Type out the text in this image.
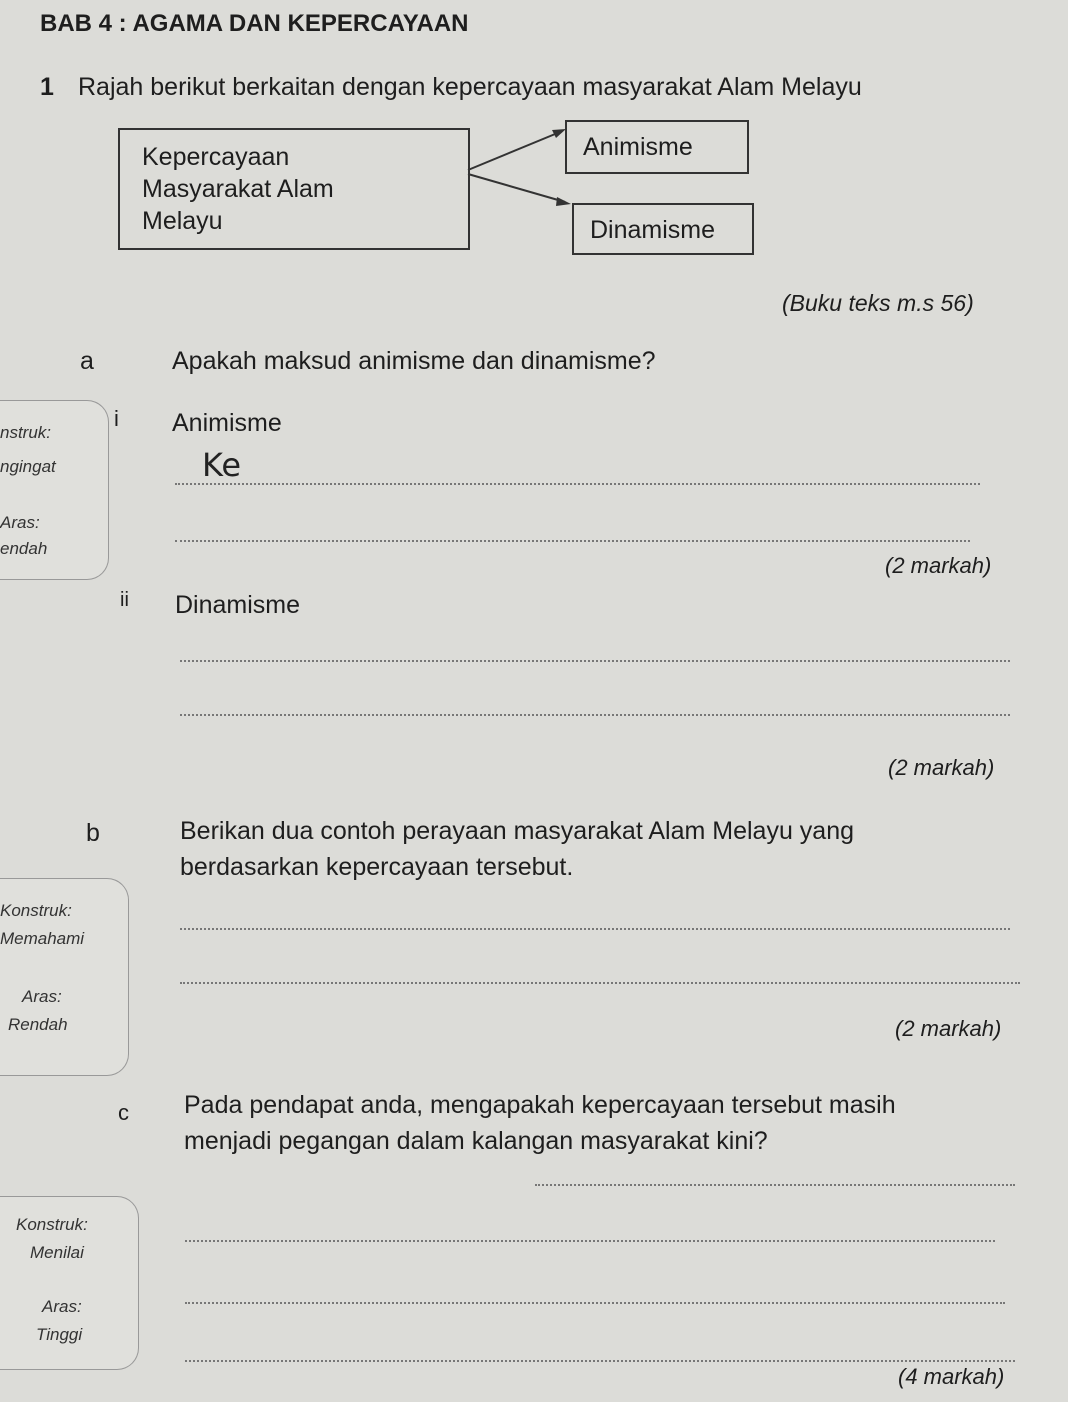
BAB 4 : AGAMA DAN KEPERCAYAAN
1 Rajah berikut berkaitan dengan kepercayaan masyarakat Alam Melayu
Kepercayaan
Masyarakat Alam
Melayu
Animisme
Dinamisme
(Buku teks m.s 56)
a	Apakah maksud animisme dan dinamisme?
nstruk:
ngingat
Aras:
endah
i Animisme
Ke
(2 markah)
ii Dinamisme
(2 markah)
b	Berikan dua contoh perayaan masyarakat Alam Melayu yang
berdasarkan kepercayaan tersebut.
Konstruk:
Memahami
Aras:
Rendah	(2 markah)
c Pada pendapat anda, mengapakah kepercayaan tersebut masih
menjadi pegangan dalam kalangan masyarakat kini?
Konstruk:
Menilai
Aras:
Tinggi
(4 markah)
